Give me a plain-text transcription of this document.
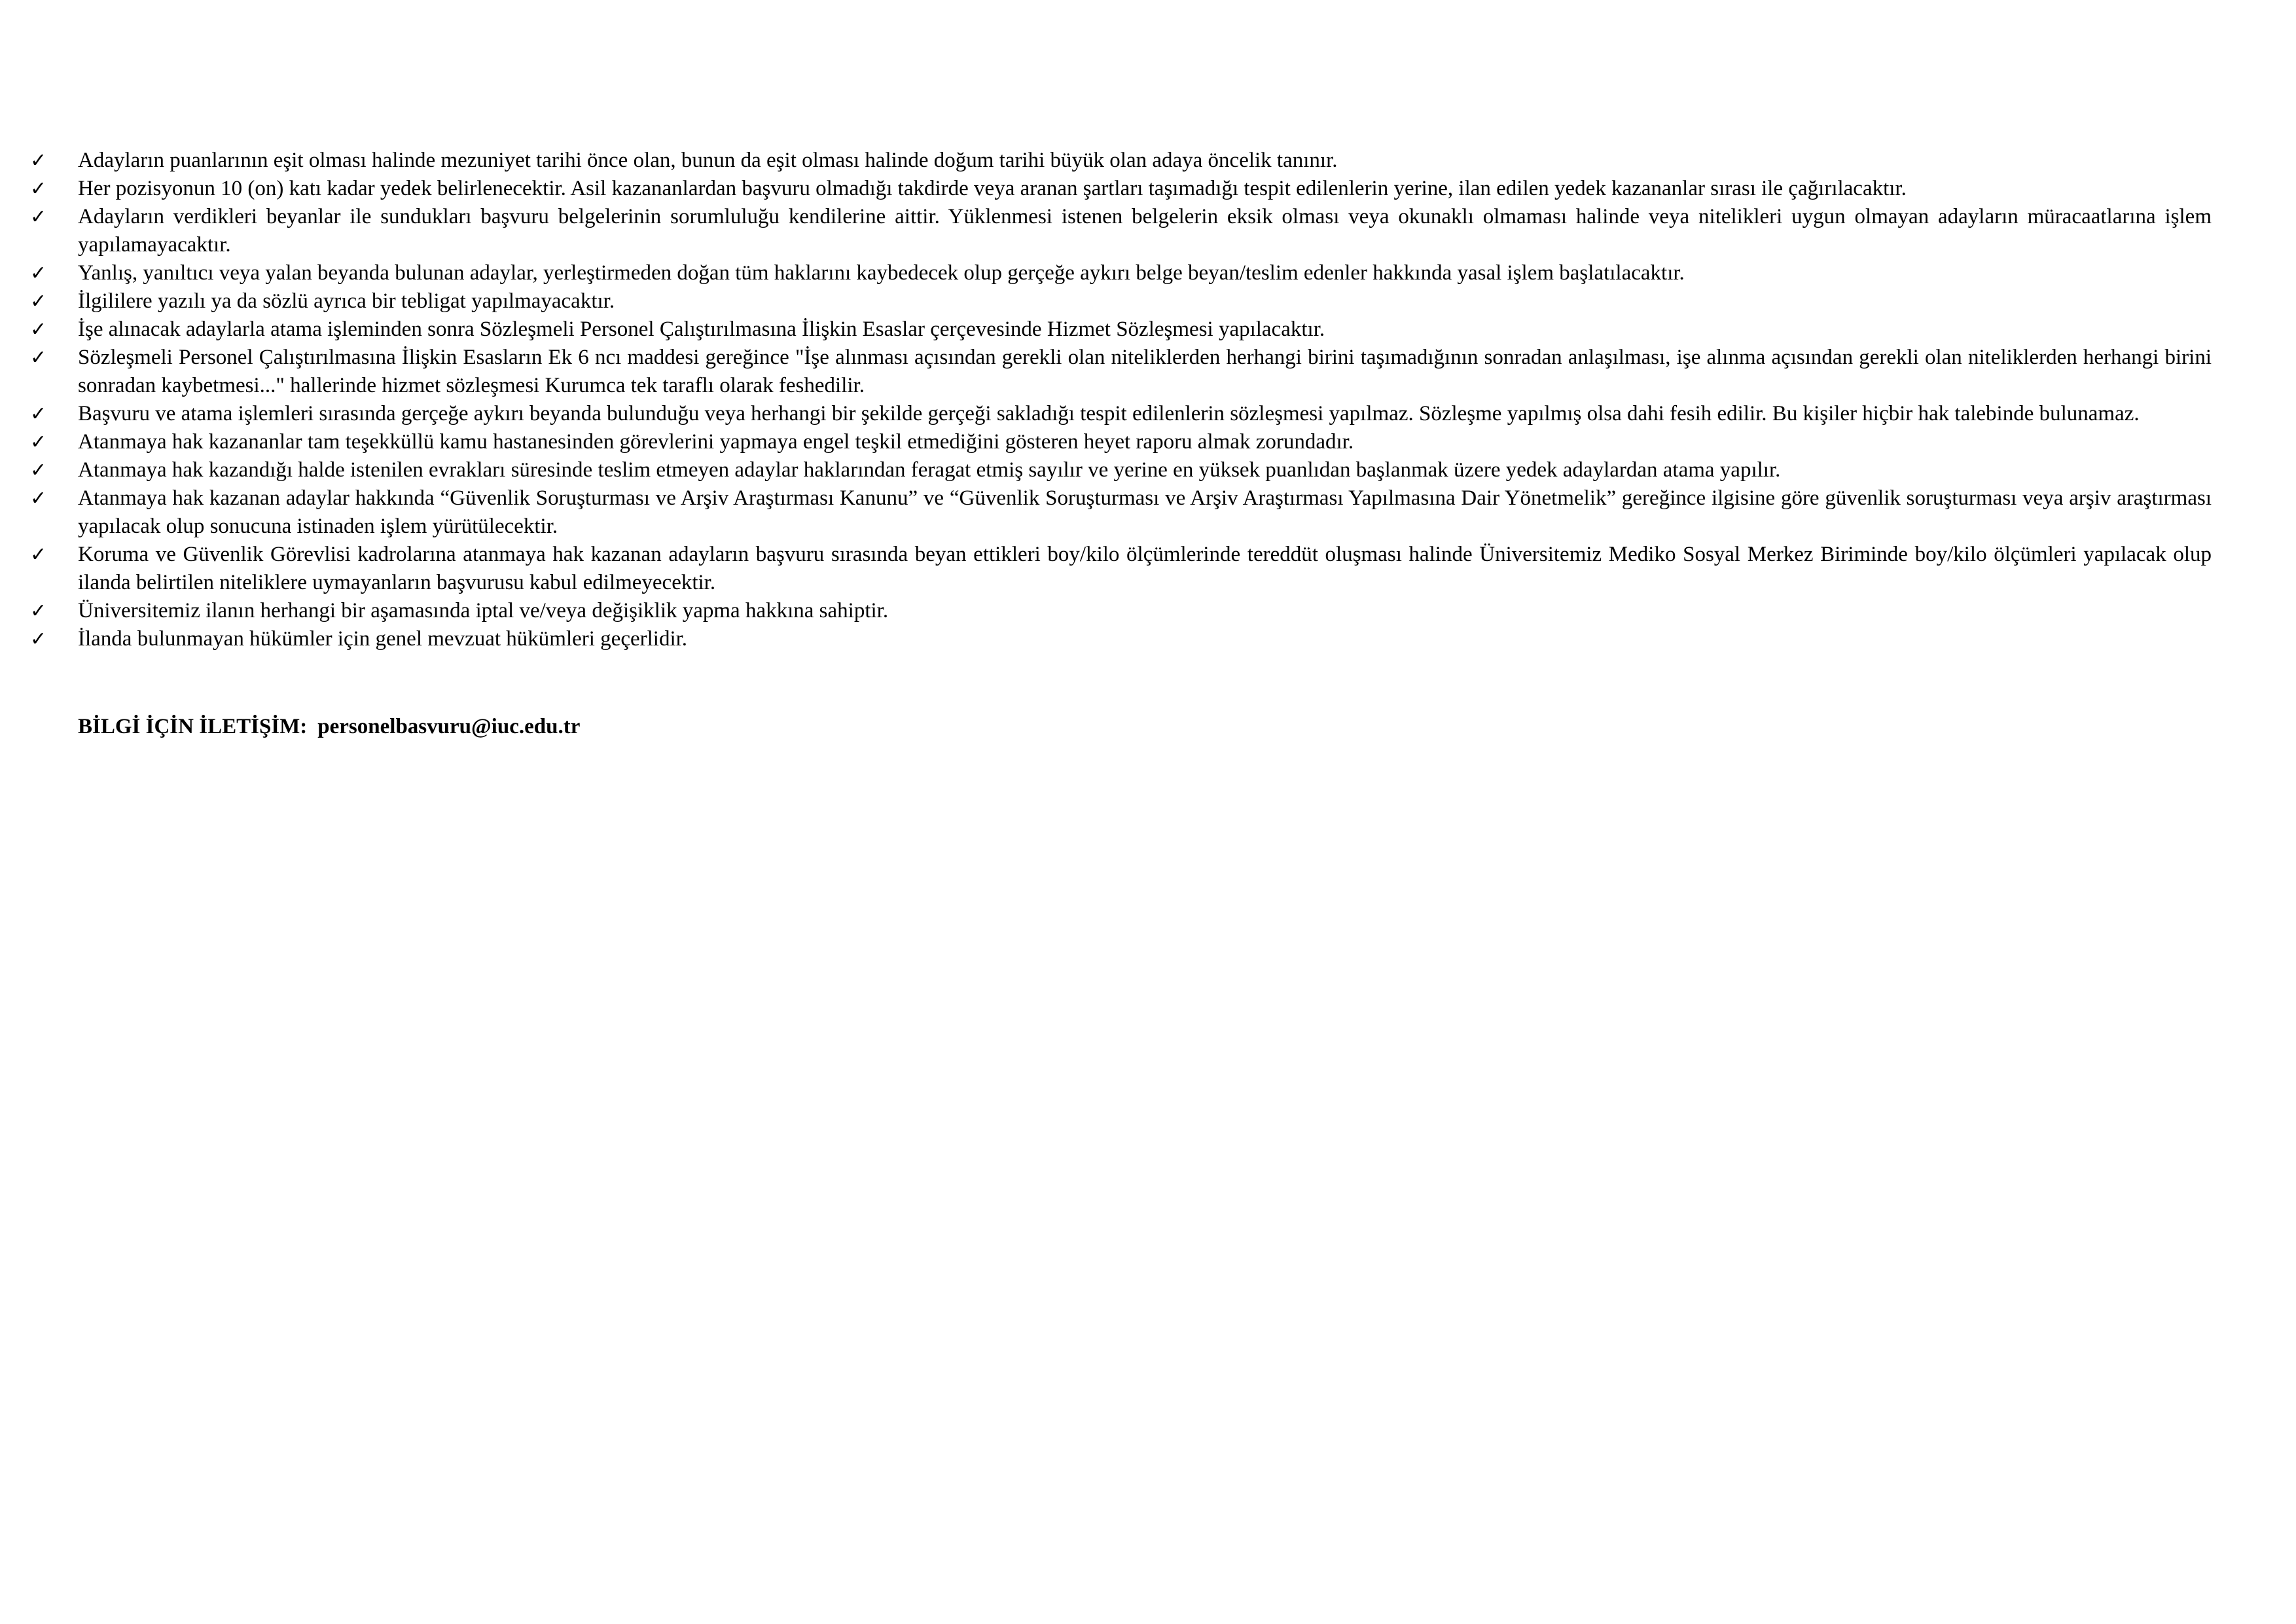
✓ Adayların puanlarının eşit olması halinde mezuniyet tarihi önce olan, bunun da eşit olması halinde doğum tarihi büyük olan adaya öncelik tanınır.
✓ Her pozisyonun 10 (on) katı kadar yedek belirlenecektir. Asil kazananlardan başvuru olmadığı takdirde veya aranan şartları taşımadığı tespit edilenlerin yerine, ilan edilen yedek kazananlar sırası ile çağırılacaktır.
✓ Adayların verdikleri beyanlar ile sundukları başvuru belgelerinin sorumluluğu kendilerine aittir. Yüklenmesi istenen belgelerin eksik olması veya okunaklı olmaması halinde veya nitelikleri uygun olmayan adayların müracaatlarına işlem yapılamayacaktır.
✓ Yanlış, yanıltıcı veya yalan beyanda bulunan adaylar, yerleştirmeden doğan tüm haklarını kaybedecek olup gerçeğe aykırı belge beyan/teslim edenler hakkında yasal işlem başlatılacaktır.
✓ İlgililere yazılı ya da sözlü ayrıca bir tebligat yapılmayacaktır.
✓ İşe alınacak adaylarla atama işleminden sonra Sözleşmeli Personel Çalıştırılmasına İlişkin Esaslar çerçevesinde Hizmet Sözleşmesi yapılacaktır.
✓ Sözleşmeli Personel Çalıştırılmasına İlişkin Esasların Ek 6 ncı maddesi gereğince "İşe alınması açısından gerekli olan niteliklerden herhangi birini taşımadığının sonradan anlaşılması, işe alınma açısından gerekli olan niteliklerden herhangi birini sonradan kaybetmesi..." hallerinde hizmet sözleşmesi Kurumca tek taraflı olarak feshedilir.
✓ Başvuru ve atama işlemleri sırasında gerçeğe aykırı beyanda bulunduğu veya herhangi bir şekilde gerçeği sakladığı tespit edilenlerin sözleşmesi yapılmaz. Sözleşme yapılmış olsa dahi fesih edilir. Bu kişiler hiçbir hak talebinde bulunamaz.
✓ Atanmaya hak kazananlar tam teşekküllü kamu hastanesinden görevlerini yapmaya engel teşkil etmediğini gösteren heyet raporu almak zorundadır.
✓ Atanmaya hak kazandığı halde istenilen evrakları süresinde teslim etmeyen adaylar haklarından feragat etmiş sayılır ve yerine en yüksek puanlıdan başlanmak üzere yedek adaylardan atama yapılır.
✓ Atanmaya hak kazanan adaylar hakkında “Güvenlik Soruşturması ve Arşiv Araştırması Kanunu” ve “Güvenlik Soruşturması ve Arşiv Araştırması Yapılmasına Dair Yönetmelik” gereğince ilgisine göre güvenlik soruşturması veya arşiv araştırması yapılacak olup sonucuna istinaden işlem yürütülecektir.
✓ Koruma ve Güvenlik Görevlisi kadrolarına atanmaya hak kazanan adayların başvuru sırasında beyan ettikleri boy/kilo ölçümlerinde tereddüt oluşması halinde Üniversitemiz Mediko Sosyal Merkez Biriminde boy/kilo ölçümleri yapılacak olup ilanda belirtilen niteliklere uymayanların başvurusu kabul edilmeyecektir.
✓ Üniversitemiz ilanın herhangi bir aşamasında iptal ve/veya değişiklik yapma hakkına sahiptir.
✓ İlanda bulunmayan hükümler için genel mevzuat hükümleri geçerlidir.
BİLGİ İÇİN İLETİŞİM: personelbasvuru@iuc.edu.tr
